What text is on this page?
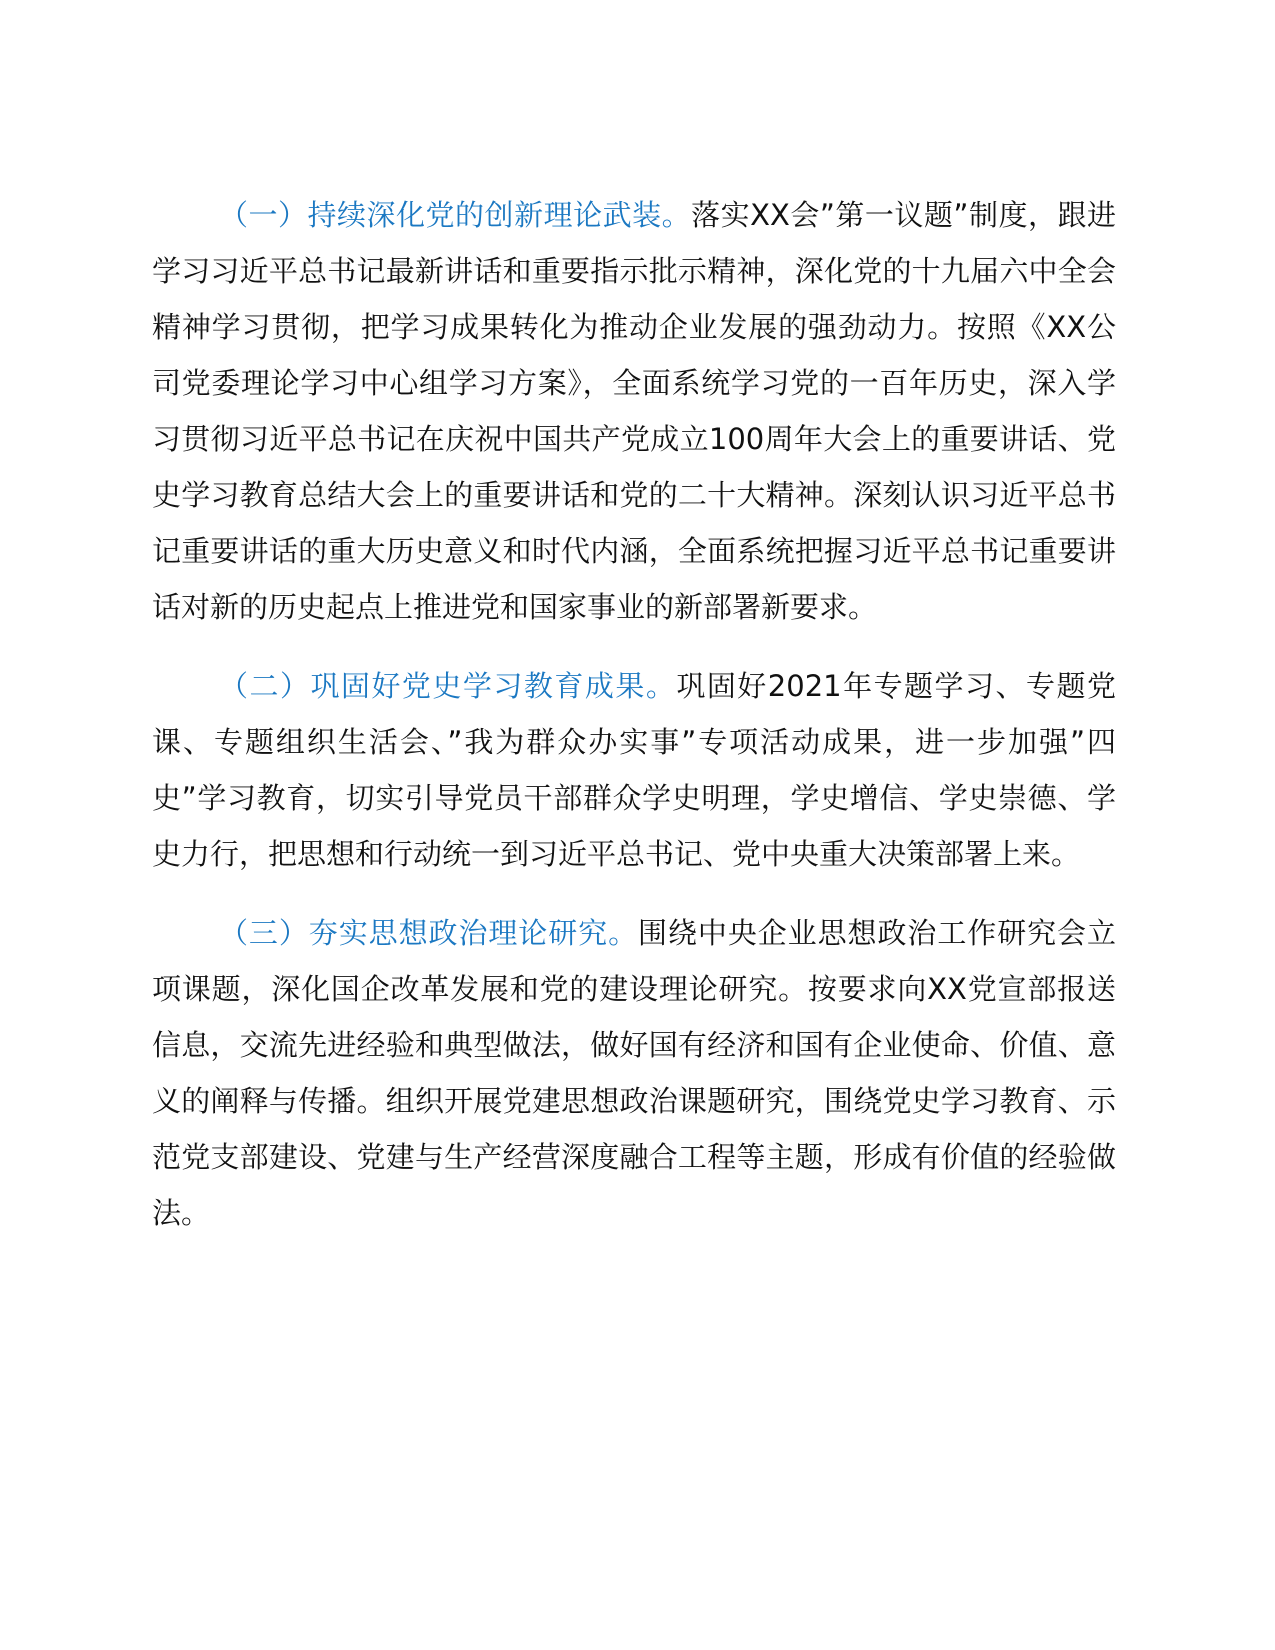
（一）持续深化党的创新理论武装。落实XX会”第一议题”制度，跟进学习习近平总书记最新讲话和重要指示批示精神，深化党的十九届六中全会精神学习贯彻，把学习成果转化为推动企业发展的强劲动力。按照《XX公司党委理论学习中心组学习方案》，全面系统学习党的一百年历史，深入学习贯彻习近平总书记在庆祝中国共产党成立100周年大会上的重要讲话、党史学习教育总结大会上的重要讲话和党的二十大精神。深刻认识习近平总书记重要讲话的重大历史意义和时代内涵，全面系统把握习近平总书记重要讲话对新的历史起点上推进党和国家事业的新部署新要求。

（二）巩固好党史学习教育成果。巩固好2021年专题学习、专题党课、专题组织生活会、”我为群众办实事”专项活动成果，进一步加强”四史”学习教育，切实引导党员干部群众学史明理，学史增信、学史崇德、学史力行，把思想和行动统一到习近平总书记、党中央重大决策部署上来。

（三）夯实思想政治理论研究。围绕中央企业思想政治工作研究会立项课题，深化国企改革发展和党的建设理论研究。按要求向XX党宣部报送信息，交流先进经验和典型做法，做好国有经济和国有企业使命、价值、意义的阐释与传播。组织开展党建思想政治课题研究，围绕党史学习教育、示范党支部建设、党建与生产经营深度融合工程等主题，形成有价值的经验做法。
